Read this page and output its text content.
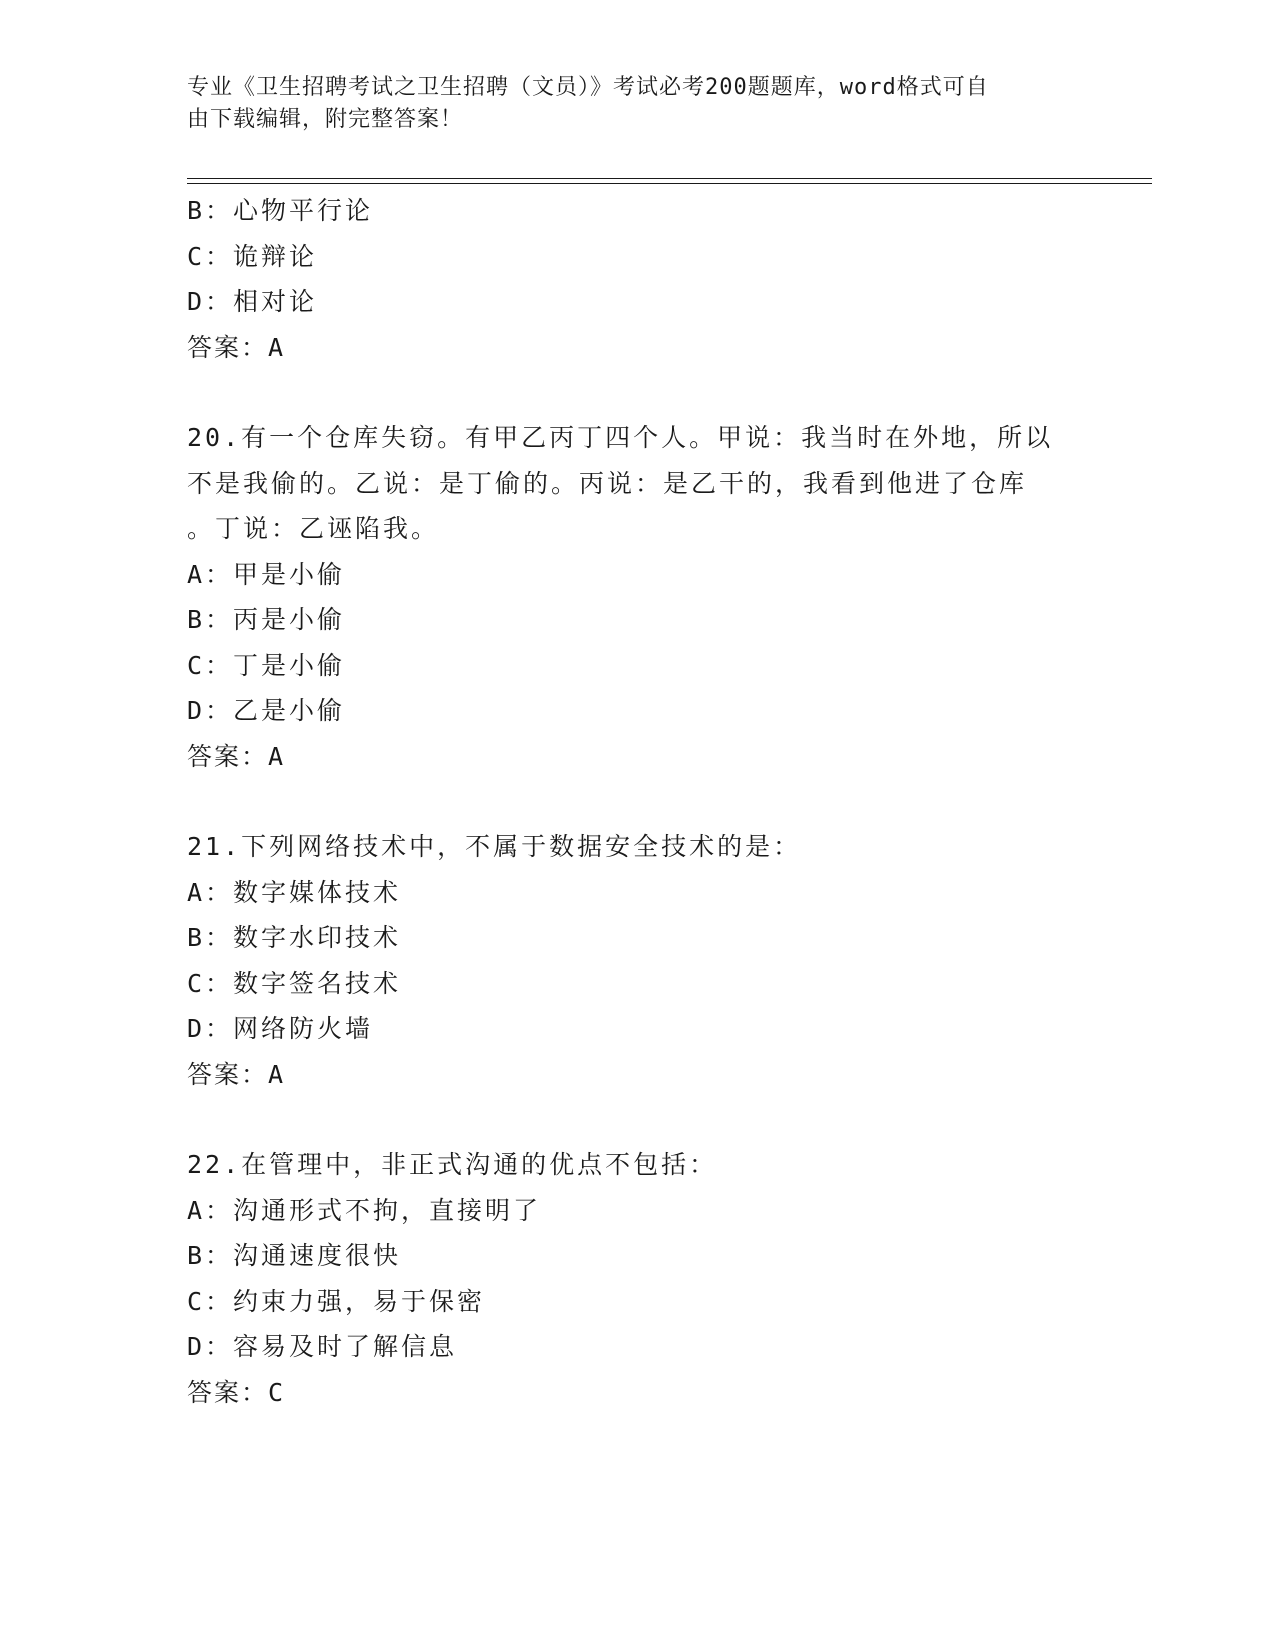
专业《卫生招聘考试之卫生招聘（文员）》考试必考200题题库，word格式可自
由下载编辑，附完整答案！
B：心物平行论
C：诡辩论
D：相对论
答案：A
20.有一个仓库失窃。有甲乙丙丁四个人。甲说：我当时在外地，所以
不是我偷的。乙说：是丁偷的。丙说：是乙干的，我看到他进了仓库
。丁说：乙诬陷我。
A：甲是小偷
B：丙是小偷
C：丁是小偷
D：乙是小偷
答案：A
21.下列网络技术中，不属于数据安全技术的是：
A：数字媒体技术
B：数字水印技术
C：数字签名技术
D：网络防火墙
答案：A
22.在管理中，非正式沟通的优点不包括：
A：沟通形式不拘，直接明了
B：沟通速度很快
C：约束力强，易于保密
D：容易及时了解信息
答案：C
